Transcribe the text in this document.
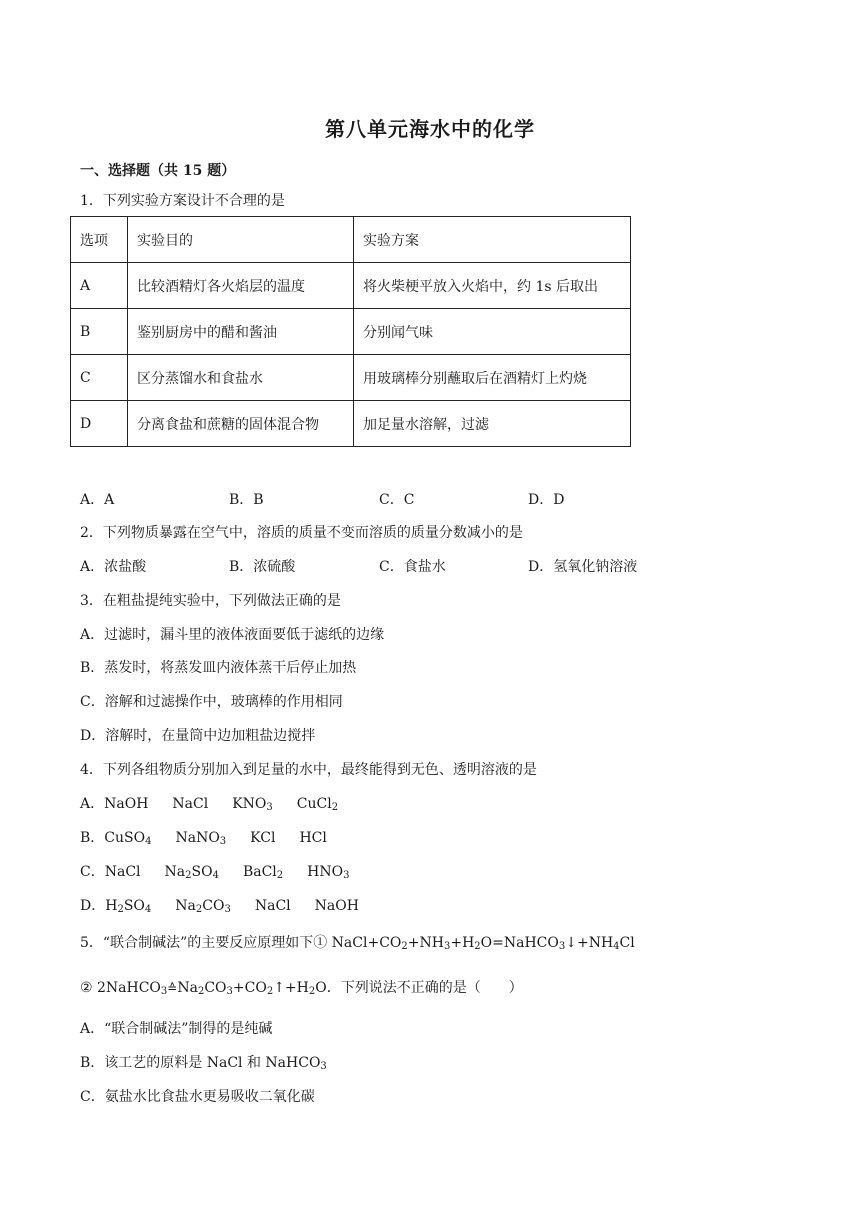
第八单元海水中的化学
一、选择题（共 15 题）
1．下列实验方案设计不合理的是
选项	实验目的	实验方案
A	比较酒精灯各火焰层的温度	将火柴梗平放入火焰中，约 1s 后取出
B	鉴别厨房中的醋和酱油	分别闻气味
C	区分蒸馏水和食盐水	用玻璃棒分别蘸取后在酒精灯上灼烧
D	分离食盐和蔗糖的固体混合物	加足量水溶解，过滤
A．A	B．B	C．C	D．D
2．下列物质暴露在空气中，溶质的质量不变而溶质的质量分数减小的是
A．浓盐酸	B．浓硫酸	C．食盐水	D．氢氧化钠溶液
3．在粗盐提纯实验中，下列做法正确的是
A．过滤时，漏斗里的液体液面要低于滤纸的边缘
B．蒸发时，将蒸发皿内液体蒸干后停止加热
C．溶解和过滤操作中，玻璃棒的作用相同
D．溶解时，在量筒中边加粗盐边搅拌
4．下列各组物质分别加入到足量的水中，最终能得到无色、透明溶液的是
A．NaOH NaCl KNO3 CuCl2
B．CuSO4 NaNO3 KCl HCl
C．NaCl Na2SO4 BaCl2 HNO3
D．H2SO4 Na2CO3 NaCl NaOH
5．“联合制碱法”的主要反应原理如下① NaCl+CO2+NH3+H2O=NaHCO3↓+NH4Cl
② 2NaHCO3≙Na2CO3+CO2↑+H2O．下列说法不正确的是（　　）
A．“联合制碱法”制得的是纯碱
B．该工艺的原料是 NaCl 和 NaHCO3
C．氨盐水比食盐水更易吸收二氧化碳
